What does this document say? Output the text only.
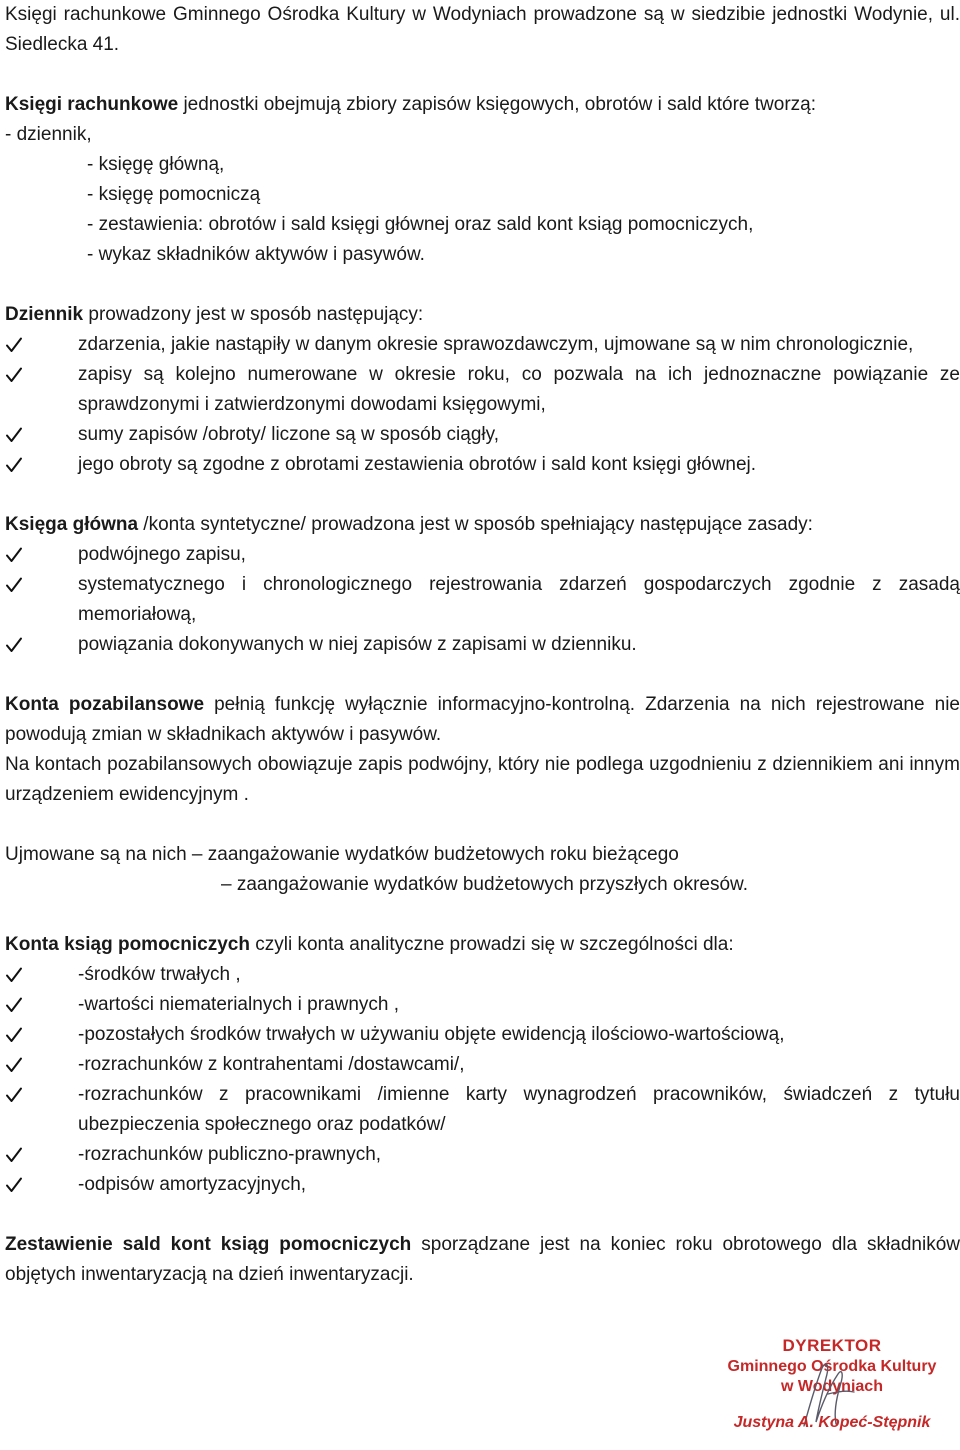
Księgi rachunkowe Gminnego Ośrodka Kultury w Wodyniach prowadzone są w siedzibie jednostki Wodynie, ul. Siedlecka 41.

Księgi rachunkowe jednostki obejmują zbiory zapisów księgowych, obrotów i sald które tworzą:

- dziennik,

- księgę główną,

- księgę pomocniczą

- zestawienia: obrotów i sald księgi głównej oraz sald kont ksiąg pomocniczych,

- wykaz składników aktywów i pasywów.

Dziennik prowadzony jest w sposób następujący:

zdarzenia, jakie nastąpiły w danym okresie sprawozdawczym, ujmowane są w nim chronologicznie,
zapisy są kolejno numerowane w okresie roku, co pozwala na ich jednoznaczne powiązanie ze sprawdzonymi i zatwierdzonymi dowodami księgowymi,
sumy zapisów /obroty/ liczone są w sposób ciągły,
jego obroty są zgodne z obrotami zestawienia obrotów i sald kont księgi głównej.

Księga główna /konta syntetyczne/ prowadzona jest w sposób spełniający następujące zasady:

podwójnego zapisu,
systematycznego i chronologicznego rejestrowania zdarzeń gospodarczych zgodnie z zasadą memoriałową,
powiązania dokonywanych w niej zapisów z zapisami w dzienniku.

Konta pozabilansowe pełnią funkcję wyłącznie informacyjno-kontrolną. Zdarzenia na nich rejestrowane nie powodują zmian w składnikach aktywów i pasywów.

Na kontach pozabilansowych obowiązuje zapis podwójny, który nie podlega uzgodnieniu z dziennikiem ani innym urządzeniem ewidencyjnym .

Ujmowane są na nich – zaangażowanie wydatków budżetowych roku bieżącego

– zaangażowanie wydatków budżetowych przyszłych okresów.

Konta ksiąg pomocniczych czyli konta analityczne prowadzi się w szczególności dla:

-środków trwałych ,
-wartości niematerialnych i prawnych ,
-pozostałych środków trwałych w używaniu objęte ewidencją ilościowo-wartościową,
-rozrachunków z kontrahentami /dostawcami/,
-rozrachunków z pracownikami /imienne karty wynagrodzeń pracowników, świadczeń z tytułu ubezpieczenia społecznego oraz podatków/
-rozrachunków publiczno-prawnych,
-odpisów amortyzacyjnych,

Zestawienie sald kont ksiąg pomocniczych sporządzane jest na koniec roku obrotowego dla składników objętych inwentaryzacją na dzień inwentaryzacji.

DYREKTOR
Gminnego Ośrodka Kultury
w Wodyniach
Justyna A. Kopeć-Stępnik
